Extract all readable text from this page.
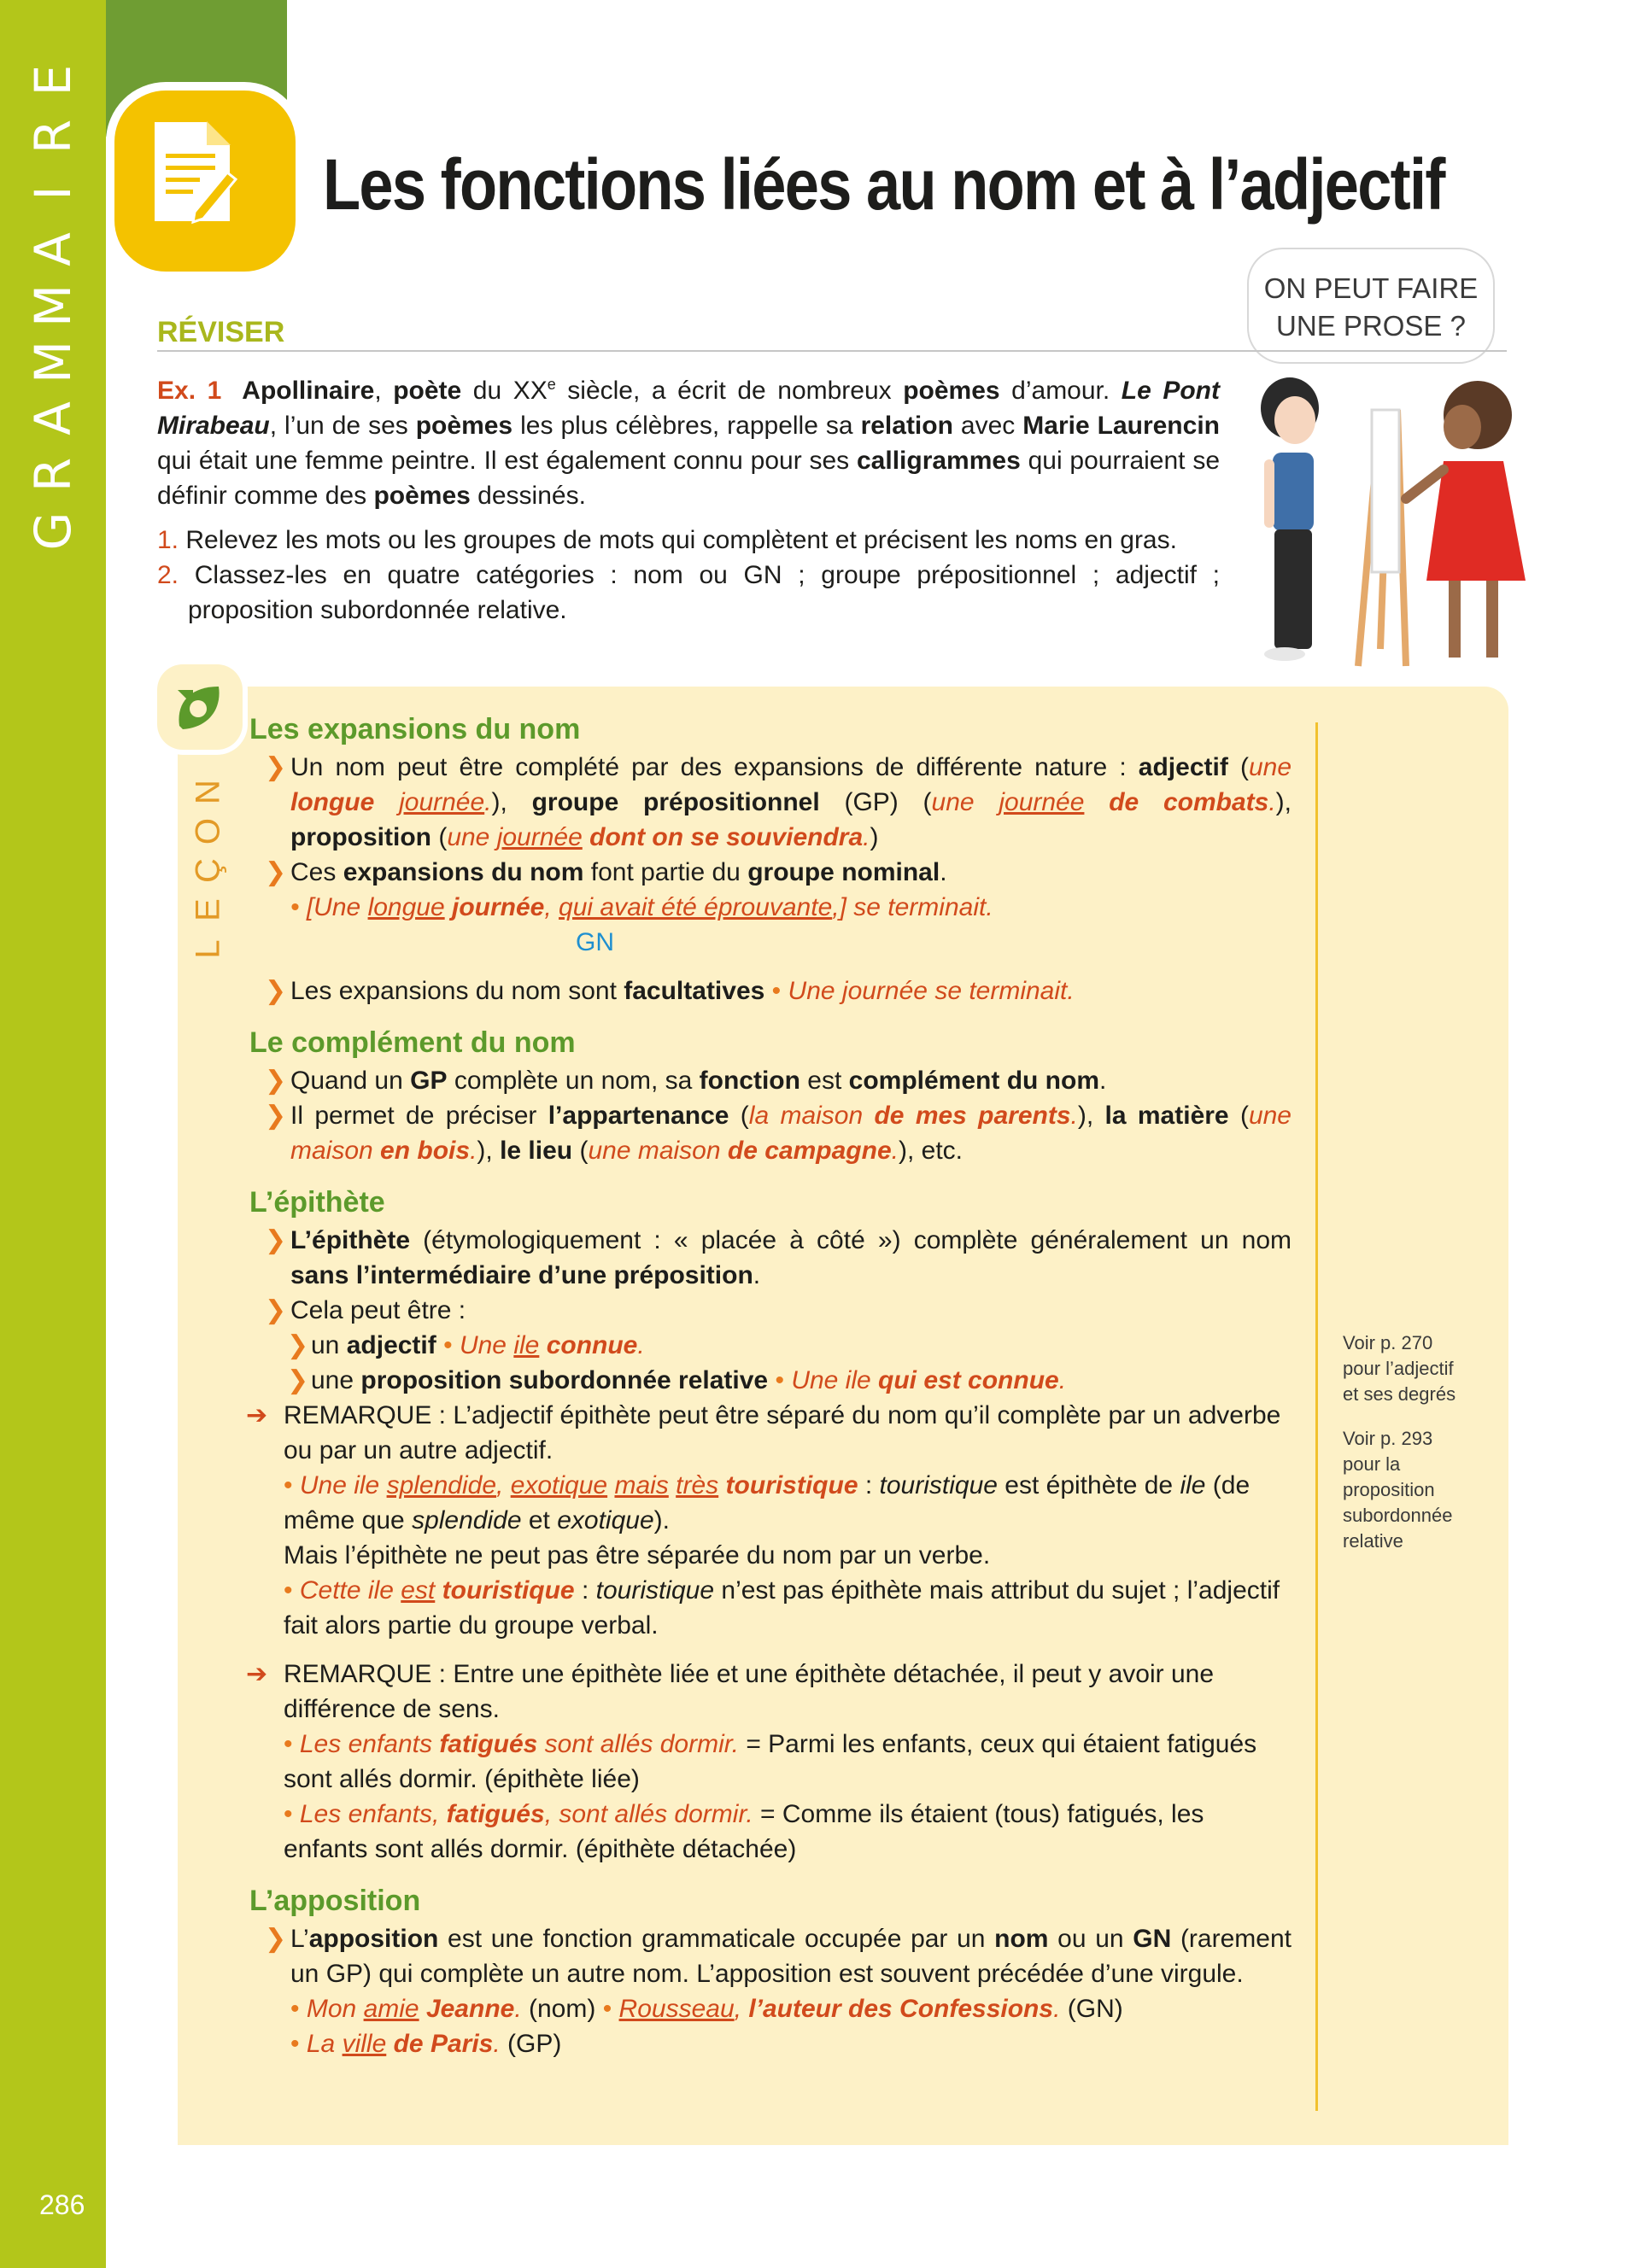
E
R
I
A
M
M
A
R
G
286
Les fonctions liées au nom et à l’adjectif
ON PEUT FAIRE
UNE PROSE ?
RÉVISER
Ex. 1 Apollinaire, poète du XXe siècle, a écrit de nombreux poèmes d’amour. Le Pont Mirabeau, l’un de ses poèmes les plus célèbres, rappelle sa relation avec Marie Laurencin qui était une femme peintre. Il est également connu pour ses calligrammes qui pourraient se définir comme des poèmes dessinés.
1. Relevez les mots ou les groupes de mots qui complètent et précisent les noms en gras.
2. Classez-les en quatre catégories : nom ou GN ; groupe prépositionnel ; adjectif ; proposition subordonnée relative.
N
O
Ç
E
L

Les expansions du nom

❯ Un nom peut être complété par des expansions de différente nature : adjectif (une longue journée.), groupe prépositionnel (GP) (une journée de combats.), proposition (une journée dont on se souviendra.)
❯ Ces expansions du nom font partie du groupe nominal.
• [Une longue journée, qui avait été éprouvante,] se terminait.
GN
❯ Les expansions du nom sont facultatives • Une journée se terminait.

Le complément du nom

❯ Quand un GP complète un nom, sa fonction est complément du nom.
❯ Il permet de préciser l’appartenance (la maison de mes parents.), la matière (une maison en bois.), le lieu (une maison de campagne.), etc.

L’épithète

❯ L’épithète (étymologiquement : « placée à côté ») complète généralement un nom sans l’intermédiaire d’une préposition.
❯ Cela peut être :
❯ un adjectif • Une ile connue.
❯ une proposition subordonnée relative • Une ile qui est connue.
➔ REMARQUE : L’adjectif épithète peut être séparé du nom qu’il complète par un adverbe ou par un autre adjectif.
• Une ile splendide, exotique mais très touristique : touristique est épithète de ile (de même que splendide et exotique).
Mais l’épithète ne peut pas être séparée du nom par un verbe.
• Cette ile est touristique : touristique n’est pas épithète mais attribut du sujet ; l’adjectif fait alors partie du groupe verbal.
➔ REMARQUE : Entre une épithète liée et une épithète détachée, il peut y avoir une différence de sens.
• Les enfants fatigués sont allés dormir. = Parmi les enfants, ceux qui étaient fatigués sont allés dormir. (épithète liée)
• Les enfants, fatigués, sont allés dormir. = Comme ils étaient (tous) fatigués, les enfants sont allés dormir. (épithète détachée)

L’apposition

❯ L’apposition est une fonction grammaticale occupée par un nom ou un GN (rarement un GP) qui complète un autre nom. L’apposition est souvent précédée d’une virgule.
• Mon amie Jeanne. (nom) • Rousseau, l’auteur des Confessions. (GN)
• La ville de Paris. (GP)

Voir p. 270
pour l’adjectif
et ses degrés

Voir p. 293
pour la
proposition
subordonnée
relative
